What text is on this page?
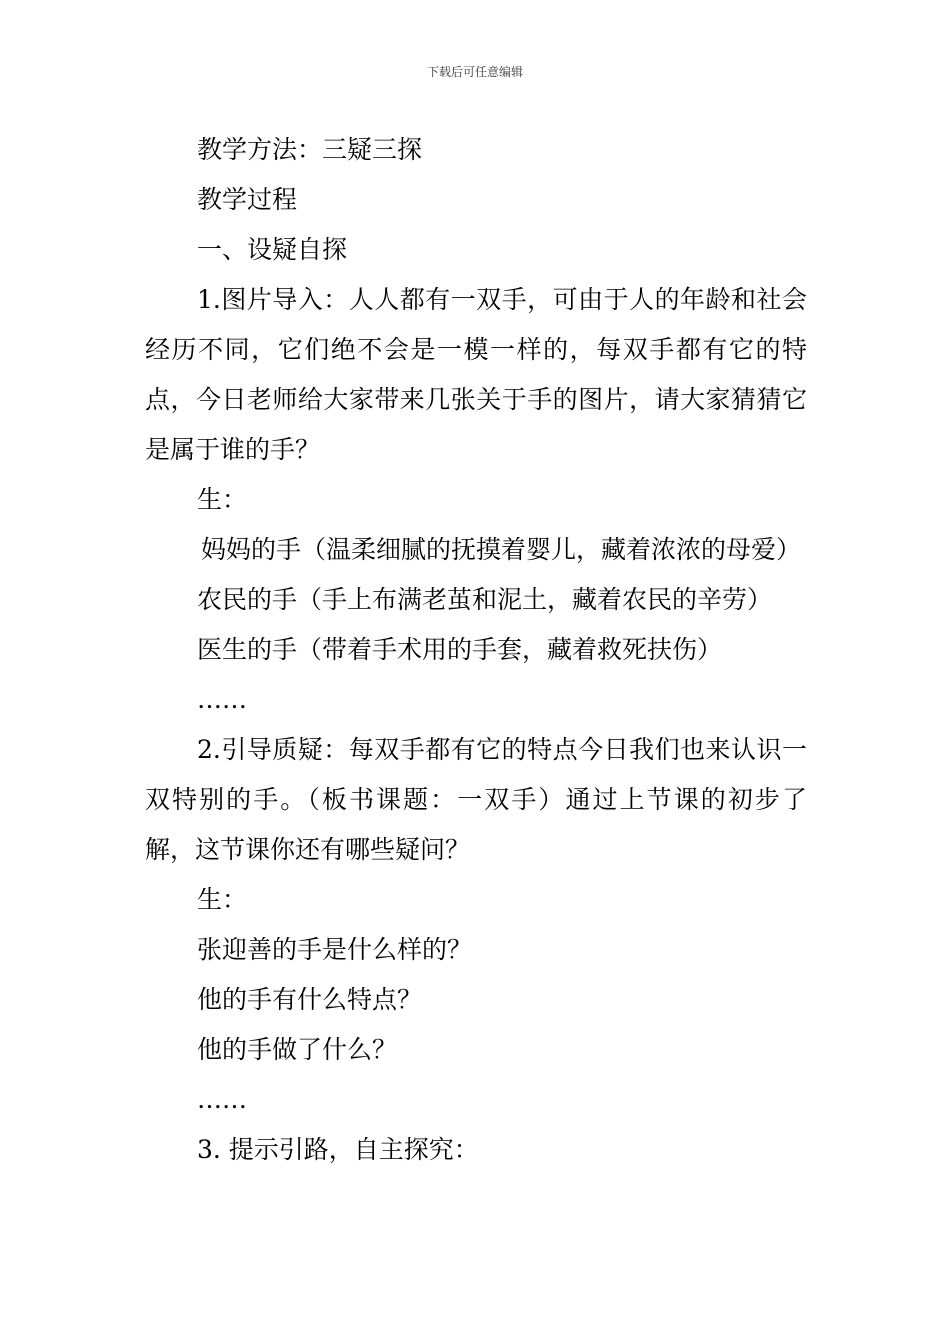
下载后可任意编辑

教学方法：三疑三探

教学过程

一、设疑自探

1.图片导入：人人都有一双手，可由于人的年龄和社会经历不同，它们绝不会是一模一样的，每双手都有它的特点，今日老师给大家带来几张关于手的图片，请大家猜猜它是属于谁的手？

生：

妈妈的手（温柔细腻的抚摸着婴儿，藏着浓浓的母爱）

农民的手（手上布满老茧和泥土，藏着农民的辛劳）

医生的手（带着手术用的手套，藏着救死扶伤）

……

2.引导质疑：每双手都有它的特点今日我们也来认识一双特别的手。（板书课题：一双手）通过上节课的初步了解，这节课你还有哪些疑问？

生：

张迎善的手是什么样的？

他的手有什么特点？

他的手做了什么？

……

3. 提示引路，自主探究：
